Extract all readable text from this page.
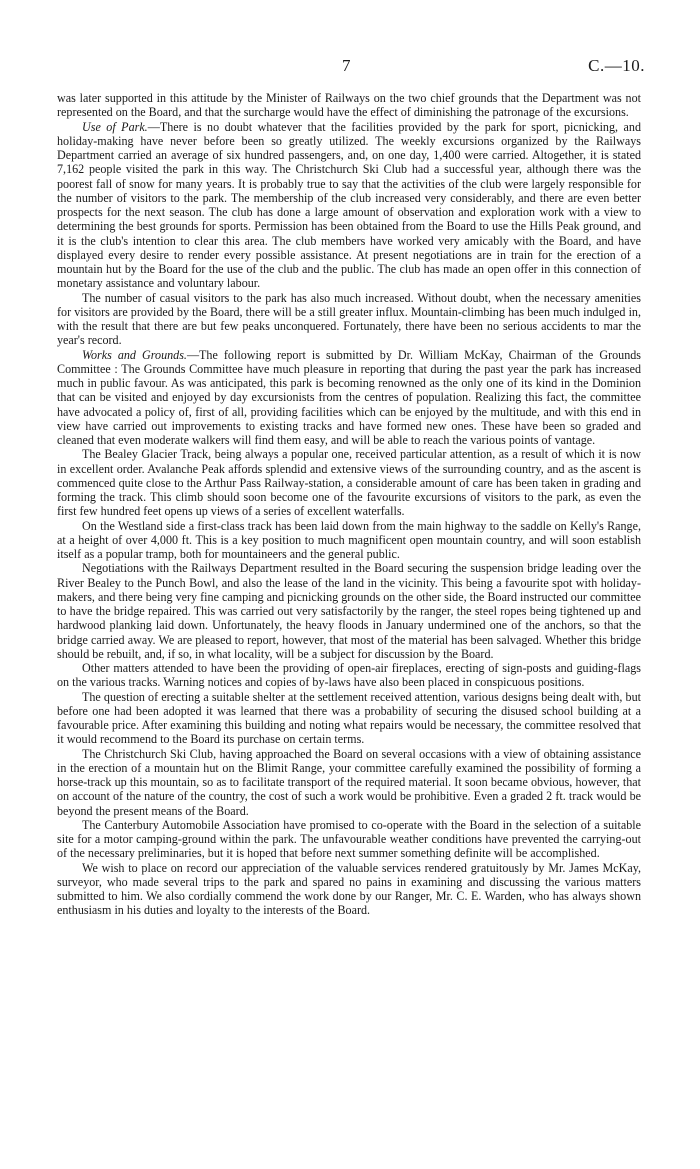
7	C.—10.

was later supported in this attitude by the Minister of Railways on the two chief grounds that the Department was not represented on the Board, and that the surcharge would have the effect of diminishing the patronage of the excursions.

Use of Park.—There is no doubt whatever that the facilities provided by the park for sport, picnicking, and holiday-making have never before been so greatly utilized. The weekly excursions organized by the Railways Department carried an average of six hundred passengers, and, on one day, 1,400 were carried. Altogether, it is stated 7,162 people visited the park in this way. The Christchurch Ski Club had a successful year, although there was the poorest fall of snow for many years. It is probably true to say that the activities of the club were largely responsible for the number of visitors to the park. The membership of the club increased very considerably, and there are even better prospects for the next season. The club has done a large amount of observation and exploration work with a view to determining the best grounds for sports. Permission has been obtained from the Board to use the Hills Peak ground, and it is the club's intention to clear this area. The club members have worked very amicably with the Board, and have displayed every desire to render every possible assistance. At present negotiations are in train for the erection of a mountain hut by the Board for the use of the club and the public. The club has made an open offer in this connection of monetary assistance and voluntary labour.

The number of casual visitors to the park has also much increased. Without doubt, when the necessary amenities for visitors are provided by the Board, there will be a still greater influx. Mountain-climbing has been much indulged in, with the result that there are but few peaks unconquered. Fortunately, there have been no serious accidents to mar the year's record.

Works and Grounds.—The following report is submitted by Dr. William McKay, Chairman of the Grounds Committee : The Grounds Committee have much pleasure in reporting that during the past year the park has increased much in public favour. As was anticipated, this park is becoming renowned as the only one of its kind in the Dominion that can be visited and enjoyed by day excursionists from the centres of population. Realizing this fact, the committee have advocated a policy of, first of all, providing facilities which can be enjoyed by the multitude, and with this end in view have carried out improvements to existing tracks and have formed new ones. These have been so graded and cleaned that even moderate walkers will find them easy, and will be able to reach the various points of vantage.

The Bealey Glacier Track, being always a popular one, received particular attention, as a result of which it is now in excellent order. Avalanche Peak affords splendid and extensive views of the surrounding country, and as the ascent is commenced quite close to the Arthur Pass Railway-station, a considerable amount of care has been taken in grading and forming the track. This climb should soon become one of the favourite excursions of visitors to the park, as even the first few hundred feet opens up views of a series of excellent waterfalls.

On the Westland side a first-class track has been laid down from the main highway to the saddle on Kelly's Range, at a height of over 4,000 ft. This is a key position to much magnificent open mountain country, and will soon establish itself as a popular tramp, both for mountaineers and the general public.

Negotiations with the Railways Department resulted in the Board securing the suspension bridge leading over the River Bealey to the Punch Bowl, and also the lease of the land in the vicinity. This being a favourite spot with holiday-makers, and there being very fine camping and picnicking grounds on the other side, the Board instructed our committee to have the bridge repaired. This was carried out very satisfactorily by the ranger, the steel ropes being tightened up and hardwood planking laid down. Unfortunately, the heavy floods in January undermined one of the anchors, so that the bridge carried away. We are pleased to report, however, that most of the material has been salvaged. Whether this bridge should be rebuilt, and, if so, in what locality, will be a subject for discussion by the Board.

Other matters attended to have been the providing of open-air fireplaces, erecting of sign-posts and guiding-flags on the various tracks. Warning notices and copies of by-laws have also been placed in conspicuous positions.

The question of erecting a suitable shelter at the settlement received attention, various designs being dealt with, but before one had been adopted it was learned that there was a probability of securing the disused school building at a favourable price. After examining this building and noting what repairs would be necessary, the committee resolved that it would recommend to the Board its purchase on certain terms.

The Christchurch Ski Club, having approached the Board on several occasions with a view of obtaining assistance in the erection of a mountain hut on the Blimit Range, your committee carefully examined the possibility of forming a horse-track up this mountain, so as to facilitate transport of the required material. It soon became obvious, however, that on account of the nature of the country, the cost of such a work would be prohibitive. Even a graded 2 ft. track would be beyond the present means of the Board.

The Canterbury Automobile Association have promised to co-operate with the Board in the selection of a suitable site for a motor camping-ground within the park. The unfavourable weather conditions have prevented the carrying-out of the necessary preliminaries, but it is hoped that before next summer something definite will be accomplished.

We wish to place on record our appreciation of the valuable services rendered gratuitously by Mr. James McKay, surveyor, who made several trips to the park and spared no pains in examining and discussing the various matters submitted to him. We also cordially commend the work done by our Ranger, Mr. C. E. Warden, who has always shown enthusiasm in his duties and loyalty to the interests of the Board.
